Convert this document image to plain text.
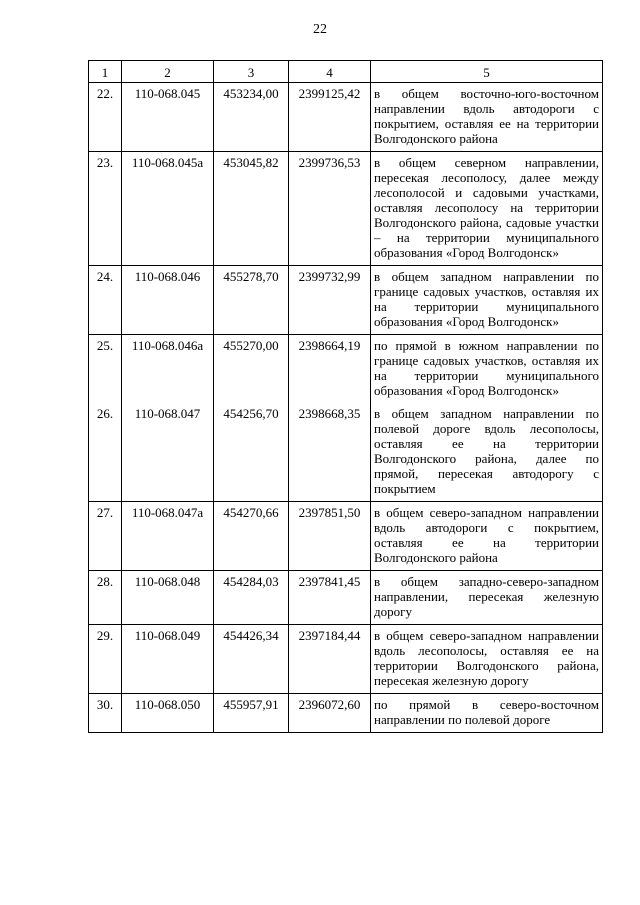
22
1	2	3	4	5
22.	110-068.045	453234,00	2399125,42	в общем восточно-юго-восточном направлении вдоль автодороги с покрытием, оставляя ее на территории Волгодонского района
23.	110-068.045а	453045,82	2399736,53	в общем северном направлении, пересекая лесополосу, далее между лесополосой и садовыми участками, оставляя лесополосу на территории Волгодонского района, садовые участки – на территории муниципального образования «Город Волгодонск»
24.	110-068.046	455278,70	2399732,99	в общем западном направлении по границе садовых участков, оставляя их на территории муниципального образования «Город Волгодонск»
25.	110-068.046а	455270,00	2398664,19	по прямой в южном направлении по границе садовых участков, оставляя их на территории муниципального образования «Город Волгодонск»
26.	110-068.047	454256,70	2398668,35	в общем западном направлении по полевой дороге вдоль лесополосы, оставляя ее на территории Волгодонского района, далее по прямой, пересекая автодорогу с покрытием
27.	110-068.047а	454270,66	2397851,50	в общем северо-западном направлении вдоль автодороги с покрытием, оставляя ее на территории Волгодонского района
28.	110-068.048	454284,03	2397841,45	в общем западно-северо-западном направлении, пересекая железную дорогу
29.	110-068.049	454426,34	2397184,44	в общем северо-западном направлении вдоль лесополосы, оставляя ее на территории Волгодонского района, пересекая железную дорогу
30.	110-068.050	455957,91	2396072,60	по прямой в северо-восточном направлении по полевой дороге
